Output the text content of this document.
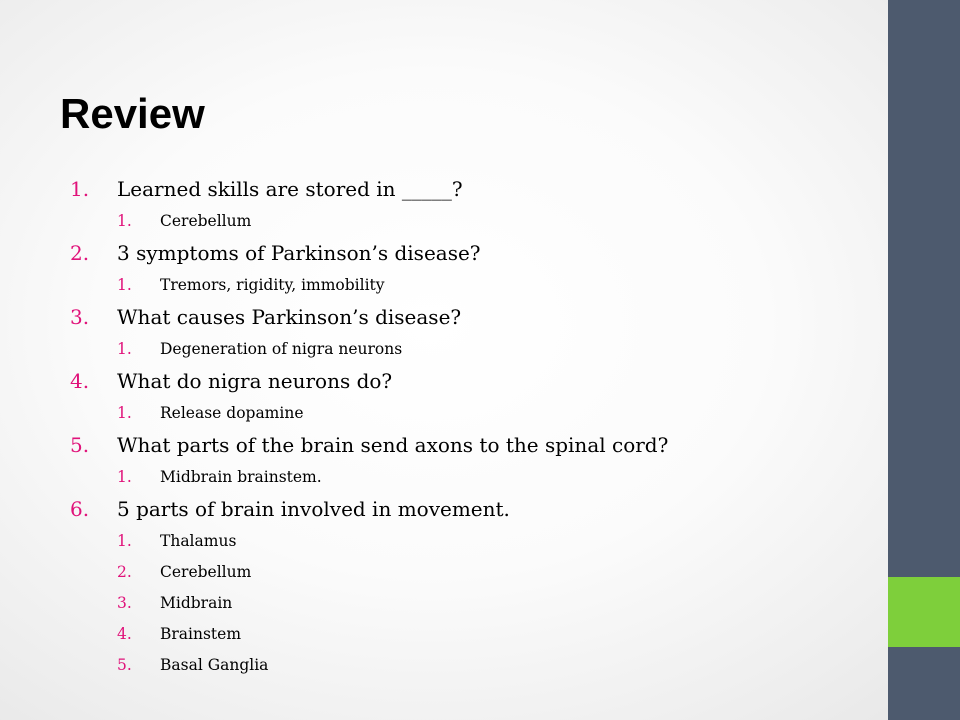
Review
1. Learned skills are stored in _____?
1. Cerebellum
2. 3 symptoms of Parkinson’s disease?
1. Tremors, rigidity, immobility
3. What causes Parkinson’s disease?
1. Degeneration of nigra neurons
4. What do nigra neurons do?
1. Release dopamine
5. What parts of the brain send axons to the spinal cord?
1. Midbrain brainstem.
6. 5 parts of brain involved in movement.
1. Thalamus
2. Cerebellum
3. Midbrain
4. Brainstem
5. Basal Ganglia
